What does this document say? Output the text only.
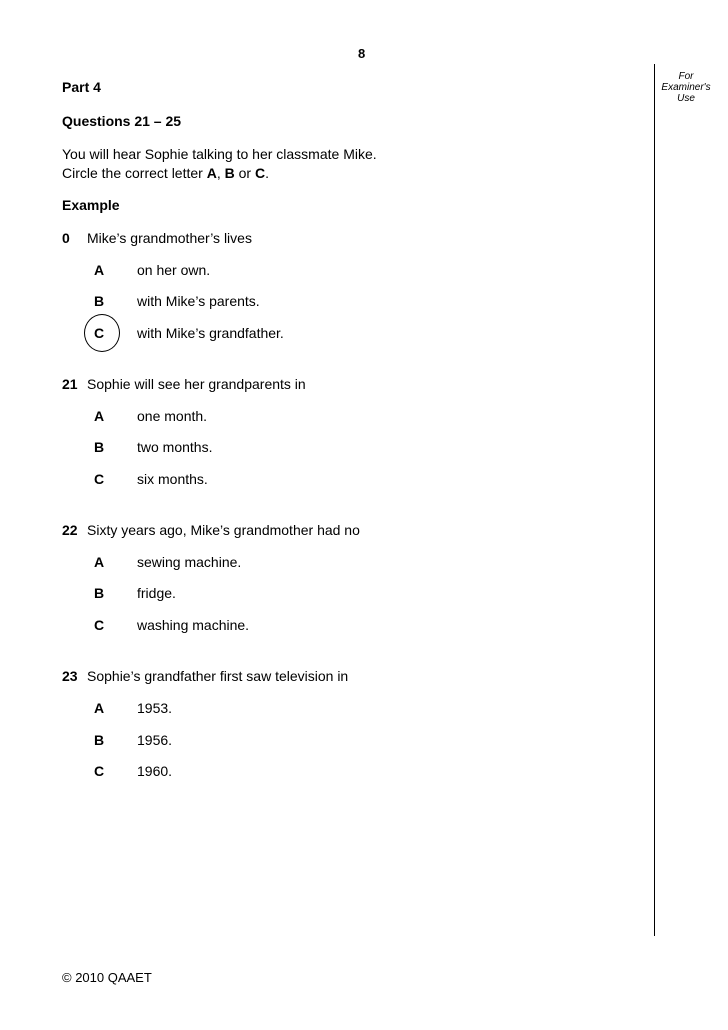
8
Part 4
Questions 21 – 25
You will hear Sophie talking to her classmate Mike.
Circle the correct letter A, B or C.
Example
0 Mike’s grandmother’s lives
A on her own.
B with Mike’s parents.
C with Mike’s grandfather.
21 Sophie will see her grandparents in
A one month.
B two months.
C six months.
22 Sixty years ago, Mike’s grandmother had no
A sewing machine.
B fridge.
C washing machine.
23 Sophie’s grandfather first saw television in
A 1953.
B 1956.
C 1960.
For
Examiner's
Use
© 2010 QAAET
